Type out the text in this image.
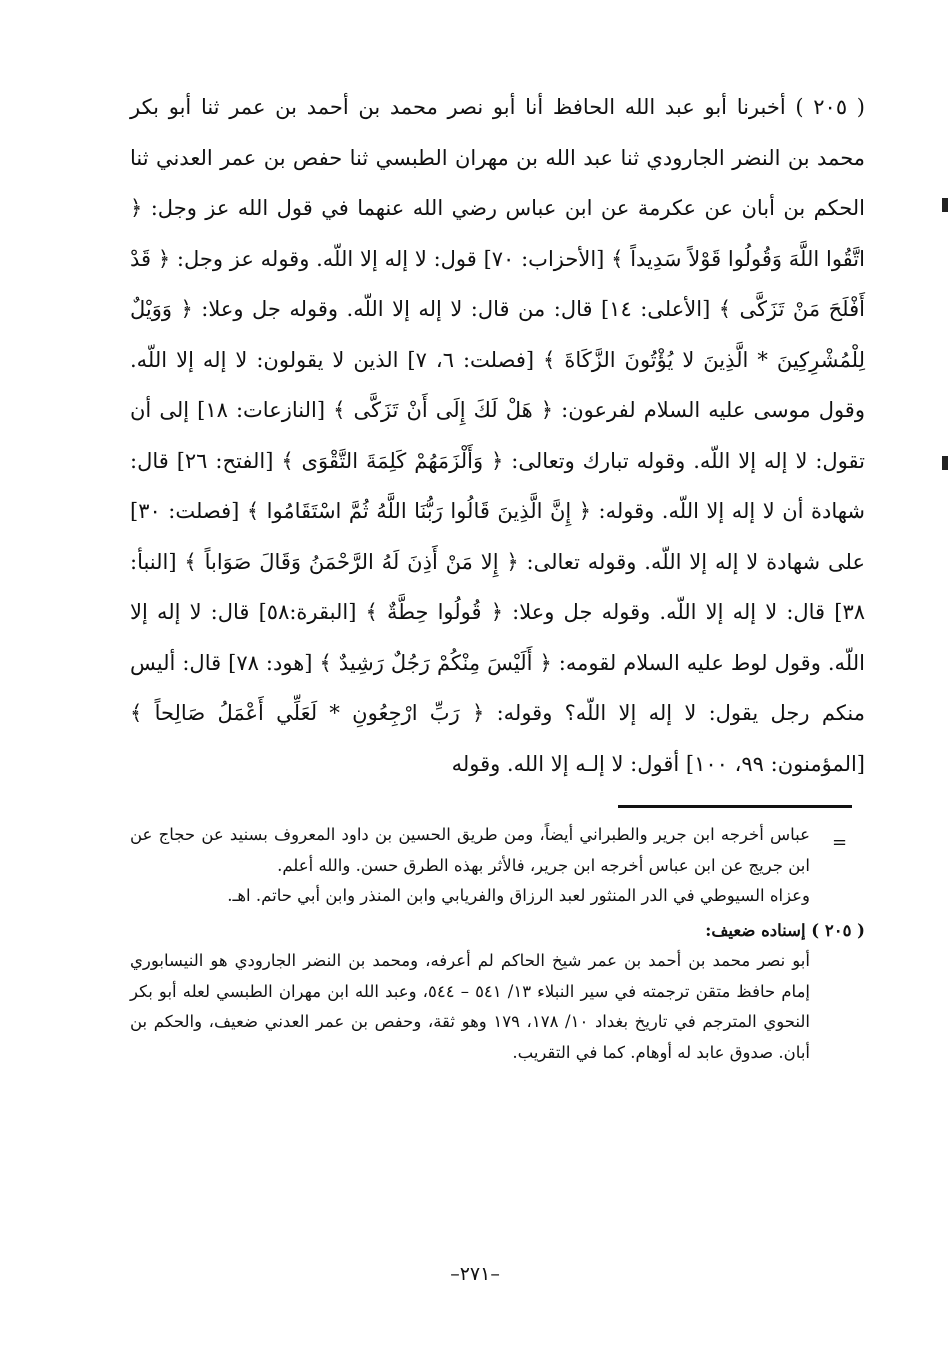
( ٢٠٥ ) أخبرنا أبو عبد الله الحافظ أنا أبو نصر محمد بن أحمد بن عمر ثنا أبو بكر محمد بن النضر الجارودي ثنا عبد الله بن مهران الطبسي ثنا حفص بن عمر العدني ثنا الحكم بن أبان عن عكرمة عن ابن عباس رضي الله عنهما في قول الله عز وجل: ﴿ اتَّقُوا اللَّهَ وَقُولُوا قَوْلاً سَدِيداً ﴾ [الأحزاب: ٧٠] قول: لا إله إلا اللّه. وقوله عز وجل: ﴿ قَدْ أَفْلَحَ مَنْ تَزَكَّى ﴾ [الأعلى: ١٤] قال: من قال: لا إله إلا اللّه. وقوله جل وعلا: ﴿ وَوَيْلٌ لِلْمُشْرِكِينَ * الَّذِينَ لا يُؤْتُونَ الزَّكَاةَ ﴾ [فصلت: ٦، ٧] الذين لا يقولون: لا إله إلا اللّه. وقول موسى عليه السلام لفرعون: ﴿ هَلْ لَكَ إِلَى أَنْ تَزَكَّى ﴾ [النازعات: ١٨] إلى أن تقول: لا إله إلا اللّه. وقوله تبارك وتعالى: ﴿ وَأَلْزَمَهُمْ كَلِمَةَ التَّقْوَى ﴾ [الفتح: ٢٦] قال: شهادة أن لا إله إلا اللّه. وقوله: ﴿ إِنَّ الَّذِينَ قَالُوا رَبُّنَا اللَّهُ ثُمَّ اسْتَقَامُوا ﴾ [فصلت: ٣٠] على شهادة لا إله إلا اللّه. وقوله تعالى: ﴿ إِلا مَنْ أَذِنَ لَهُ الرَّحْمَنُ وَقَالَ صَوَاباً ﴾ [النبأ: ٣٨] قال: لا إله إلا اللّه. وقوله جل وعلا: ﴿ قُولُوا حِطَّةٌ ﴾ [البقرة:٥٨] قال: لا إله إلا اللّه. وقول لوط عليه السلام لقومه: ﴿ أَلَيْسَ مِنْكُمْ رَجُلٌ رَشِيدٌ ﴾ [هود: ٧٨] قال: أليس منكم رجل يقول: لا إله إلا اللّه؟ وقوله: ﴿ رَبِّ ارْجِعُونِ * لَعَلِّي أَعْمَلُ صَالِحاً ﴾ [المؤمنون: ٩٩، ١٠٠] أقول: لا إلـه إلا الله. وقوله

=

عباس أخرجه ابن جرير والطبراني أيضاً، ومن طريق الحسين بن داود المعروف بسنيد عن حجاج عن ابن جريج عن ابن عباس أخرجه ابن جرير، فالأثر بهذه الطرق حسن. والله أعلم.

وعزاه السيوطي في الدر المنثور لعبد الرزاق والفريابي وابن المنذر وابن أبي حاتم. اهـ.

( ٢٠٥ ) إسناده ضعيف:

أبو نصر محمد بن أحمد بن عمر شيخ الحاكم لم أعرفه، ومحمد بن النضر الجارودي هو النيسابوري إمام حافظ متقن ترجمته في سير النبلاء ١٣/ ٥٤١ – ٥٤٤، وعبد الله ابن مهران الطبسي لعله أبو بكر النحوي المترجم في تاريخ بغداد ١٠/ ١٧٨، ١٧٩ وهو ثقة، وحفص بن عمر العدني ضعيف، والحكم بن أبان. صدوق عابد له أوهام. كما في التقريب.

–٢٧١–
